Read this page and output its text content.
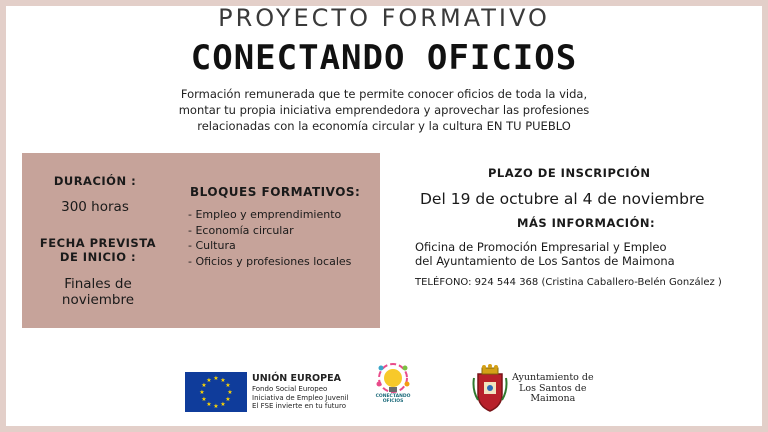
PROYECTO FORMATIVO
CONECTANDO OFICIOS
Formación remunerada que te permite conocer oficios de toda la vida,
montar tu propia iniciativa emprendedora y aprovechar las profesiones
relacionadas con la economía circular y la cultura EN TU PUEBLO
DURACIÓN :
300 horas
FECHA PREVISTA
DE INICIO :
Finales de
noviembre
BLOQUES FORMATIVOS:
- Empleo y emprendimiento
- Economía circular
- Cultura
- Oficios y profesiones locales
PLAZO DE INSCRIPCIÓN
Del 19 de octubre al 4 de noviembre
MÁS INFORMACIÓN:
Oficina de Promoción Empresarial y Empleo
del Ayuntamiento de Los Santos de Maimona
TELÉFONO: 924 544 368 (Cristina Caballero-Belén González )
★ ★
★
★
★
★
★
★
★
★
★
★	UNIÓN EUROPEA
Fondo Social Europeo
Iniciativa de Empleo Juvenil
El FSE invierte en tu futuro
CONECTANDO
OFICIOS
Ayuntamiento de
Los Santos de
Maimona
